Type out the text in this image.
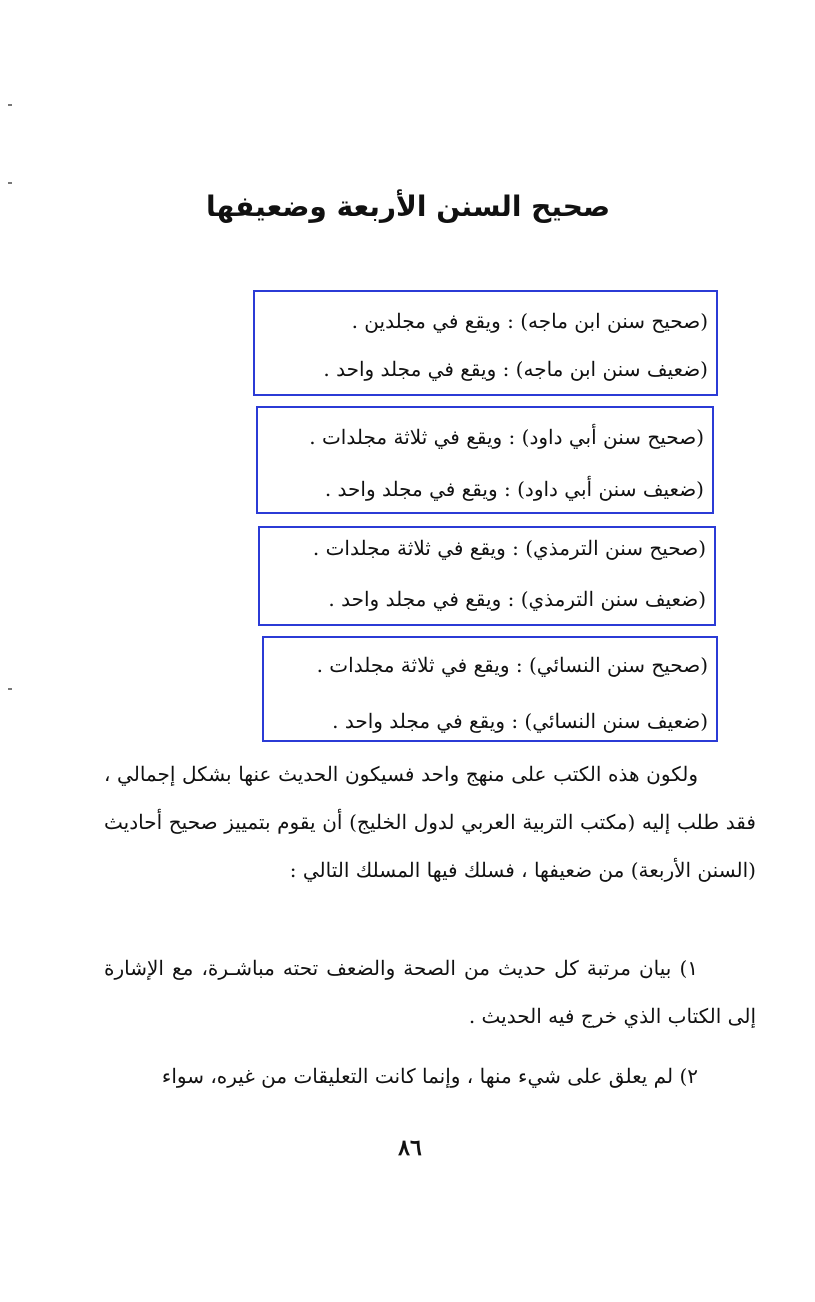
صحيح السنن الأربعة وضعيفها
(صحيح سنن ابن ماجه) : ويقع في مجلدين .
(ضعيف سنن ابن ماجه) : ويقع في مجلد واحد .
(صحيح سنن أبي داود) : ويقع في ثلاثة مجلدات .
(ضعيف سنن أبي داود) : ويقع في مجلد واحد .
(صحيح سنن الترمذي) : ويقع في ثلاثة مجلدات .
(ضعيف سنن الترمذي) : ويقع في مجلد واحد .
(صحيح سنن النسائي) : ويقع في ثلاثة مجلدات .
(ضعيف سنن النسائي) : ويقع في مجلد واحد .

ولكون هذه الكتب على منهج واحد فسيكون الحديث عنها بشكل إجمالي ، فقد طلب إليه (مكتب التربية العربي لدول الخليج) أن يقوم بتمييز صحيح أحاديث (السنن الأربعة) من ضعيفها ، فسلك فيها المسلك التالي :

١) بيان مرتبة كل حديث من الصحة والضعف تحته مباشـرة، مع الإشارة إلى الكتاب الذي خرج فيه الحديث .
٢) لم يعلق على شيء منها ، وإنما كانت التعليقات من غيره، سواء
٨٦
